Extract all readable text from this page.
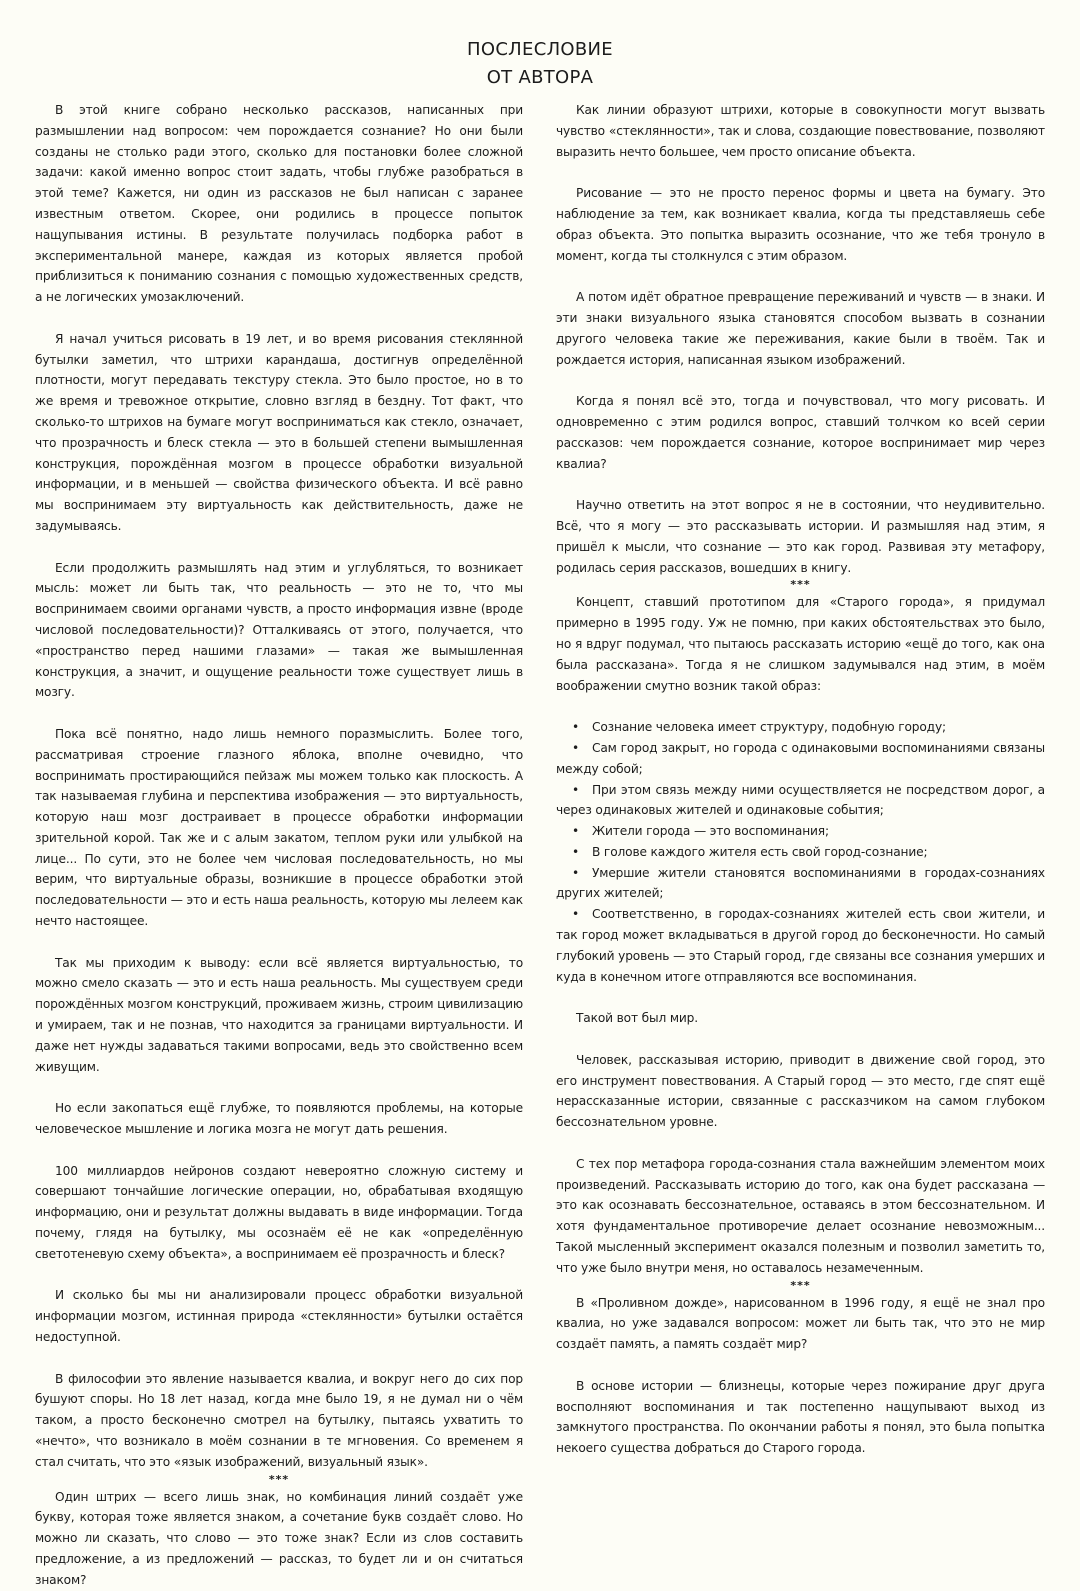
ПОСЛЕСЛОВИЕ
ОТ АВТОРА

В этой книге собрано несколько рассказов, написанных при размышлении над вопросом: чем порождается сознание? Но они были созданы не столько ради этого, сколько для постановки более сложной задачи: какой именно вопрос стоит задать, чтобы глубже разобраться в этой теме? Кажется, ни один из рассказов не был написан с заранее известным ответом. Скорее, они родились в процессе попыток нащупывания истины. В результате получилась подборка работ в экспериментальной манере, каждая из которых является пробой приблизиться к пониманию сознания с помощью художественных средств, а не логических умозаключений.

Я начал учиться рисовать в 19 лет, и во время рисования стеклянной бутылки заметил, что штрихи карандаша, достигнув определённой плотности, могут передавать текстуру стекла. Это было простое, но в то же время и тревожное открытие, словно взгляд в бездну. Тот факт, что сколько-то штрихов на бумаге могут восприниматься как стекло, означает, что прозрачность и блеск стекла — это в большей степени вымышленная конструкция, порождённая мозгом в процессе обработки визуальной информации, и в меньшей — свойства физического объекта. И всё равно мы воспринимаем эту виртуальность как действительность, даже не задумываясь.

Если продолжить размышлять над этим и углубляться, то возникает мысль: может ли быть так, что реальность — это не то, что мы воспринимаем своими органами чувств, а просто информация извне (вроде числовой последовательности)? Отталкиваясь от этого, получается, что «пространство перед нашими глазами» — такая же вымышленная конструкция, а значит, и ощущение реальности тоже существует лишь в мозгу.

Пока всё понятно, надо лишь немного поразмыслить. Более того, рассматривая строение глазного яблока, вполне очевидно, что воспринимать простирающийся пейзаж мы можем только как плоскость. А так называемая глубина и перспектива изображения — это виртуальность, которую наш мозг достраивает в процессе обработки информации зрительной корой. Так же и с алым закатом, теплом руки или улыбкой на лице... По сути, это не более чем числовая последовательность, но мы верим, что виртуальные образы, возникшие в процессе обработки этой последовательности — это и есть наша реальность, которую мы лелеем как нечто настоящее.

Так мы приходим к выводу: если всё является виртуальностью, то можно смело сказать — это и есть наша реальность. Мы существуем среди порождённых мозгом конструкций, проживаем жизнь, строим цивилизацию и умираем, так и не познав, что находится за границами виртуальности. И даже нет нужды задаваться такими вопросами, ведь это свойственно всем живущим.

Но если закопаться ещё глубже, то появляются проблемы, на которые человеческое мышление и логика мозга не могут дать решения.

100 миллиардов нейронов создают невероятно сложную систему и совершают тончайшие логические операции, но, обрабатывая входящую информацию, они и результат должны выдавать в виде информации. Тогда почему, глядя на бутылку, мы осознаём её не как «определённую светотеневую схему объекта», а воспринимаем её прозрачность и блеск?

И сколько бы мы ни анализировали процесс обработки визуальной информации мозгом, истинная природа «стеклянности» бутылки остаётся недоступной.

В философии это явление называется квалиа, и вокруг него до сих пор бушуют споры. Но 18 лет назад, когда мне было 19, я не думал ни о чём таком, а просто бесконечно смотрел на бутылку, пытаясь ухватить то «нечто», что возникало в моём сознании в те мгновения. Со временем я стал считать, что это «язык изображений, визуальный язык».

***

Один штрих — всего лишь знак, но комбинация линий создаёт уже букву, которая тоже является знаком, а сочетание букв создаёт слово. Но можно ли сказать, что слово — это тоже знак? Если из слов составить предложение, а из предложений — рассказ, то будет ли и он считаться знаком?

Как линии образуют штрихи, которые в совокупности могут вызвать чувство «стеклянности», так и слова, создающие повествование, позволяют выразить нечто большее, чем просто описание объекта.

Рисование — это не просто перенос формы и цвета на бумагу. Это наблюдение за тем, как возникает квалиа, когда ты представляешь себе образ объекта. Это попытка выразить осознание, что же тебя тронуло в момент, когда ты столкнулся с этим образом.

А потом идёт обратное превращение переживаний и чувств — в знаки. И эти знаки визуального языка становятся способом вызвать в сознании другого человека такие же переживания, какие были в твоём. Так и рождается история, написанная языком изображений.

Когда я понял всё это, тогда и почувствовал, что могу рисовать. И одновременно с этим родился вопрос, ставший толчком ко всей серии рассказов: чем порождается сознание, которое воспринимает мир через квалиа?

Научно ответить на этот вопрос я не в состоянии, что неудивительно. Всё, что я могу — это рассказывать истории. И размышляя над этим, я пришёл к мысли, что сознание — это как город. Развивая эту метафору, родилась серия рассказов, вошедших в книгу.

***

Концепт, ставший прототипом для «Старого города», я придумал примерно в 1995 году. Уж не помню, при каких обстоятельствах это было, но я вдруг подумал, что пытаюсь рассказать историю «ещё до того, как она была рассказана». Тогда я не слишком задумывался над этим, в моём воображении смутно возник такой образ:

• Сознание человека имеет структуру, подобную городу;
• Сам город закрыт, но города с одинаковыми воспоминаниями связаны между собой;
• При этом связь между ними осуществляется не посредством дорог, а через одинаковых жителей и одинаковые события;
• Жители города — это воспоминания;
• В голове каждого жителя есть свой город-сознание;
• Умершие жители становятся воспоминаниями в городах-сознаниях других жителей;
• Соответственно, в городах-сознаниях жителей есть свои жители, и так город может вкладываться в другой город до бесконечности. Но самый глубокий уровень — это Старый город, где связаны все сознания умерших и куда в конечном итоге отправляются все воспоминания.

Такой вот был мир.

Человек, рассказывая историю, приводит в движение свой город, это его инструмент повествования. А Старый город — это место, где спят ещё нерассказанные истории, связанные с рассказчиком на самом глубоком бессознательном уровне.

С тех пор метафора города-сознания стала важнейшим элементом моих произведений. Рассказывать историю до того, как она будет рассказана — это как осознавать бессознательное, оставаясь в этом бессознательном. И хотя фундаментальное противоречие делает осознание невозможным... Такой мысленный эксперимент оказался полезным и позволил заметить то, что уже было внутри меня, но оставалось незамеченным.

***

В «Проливном дожде», нарисованном в 1996 году, я ещё не знал про квалиа, но уже задавался вопросом: может ли быть так, что это не мир создаёт память, а память создаёт мир?

В основе истории — близнецы, которые через пожирание друг друга восполняют воспоминания и так постепенно нащупывают выход из замкнутого пространства. По окончании работы я понял, это была попытка некоего существа добраться до Старого города.
